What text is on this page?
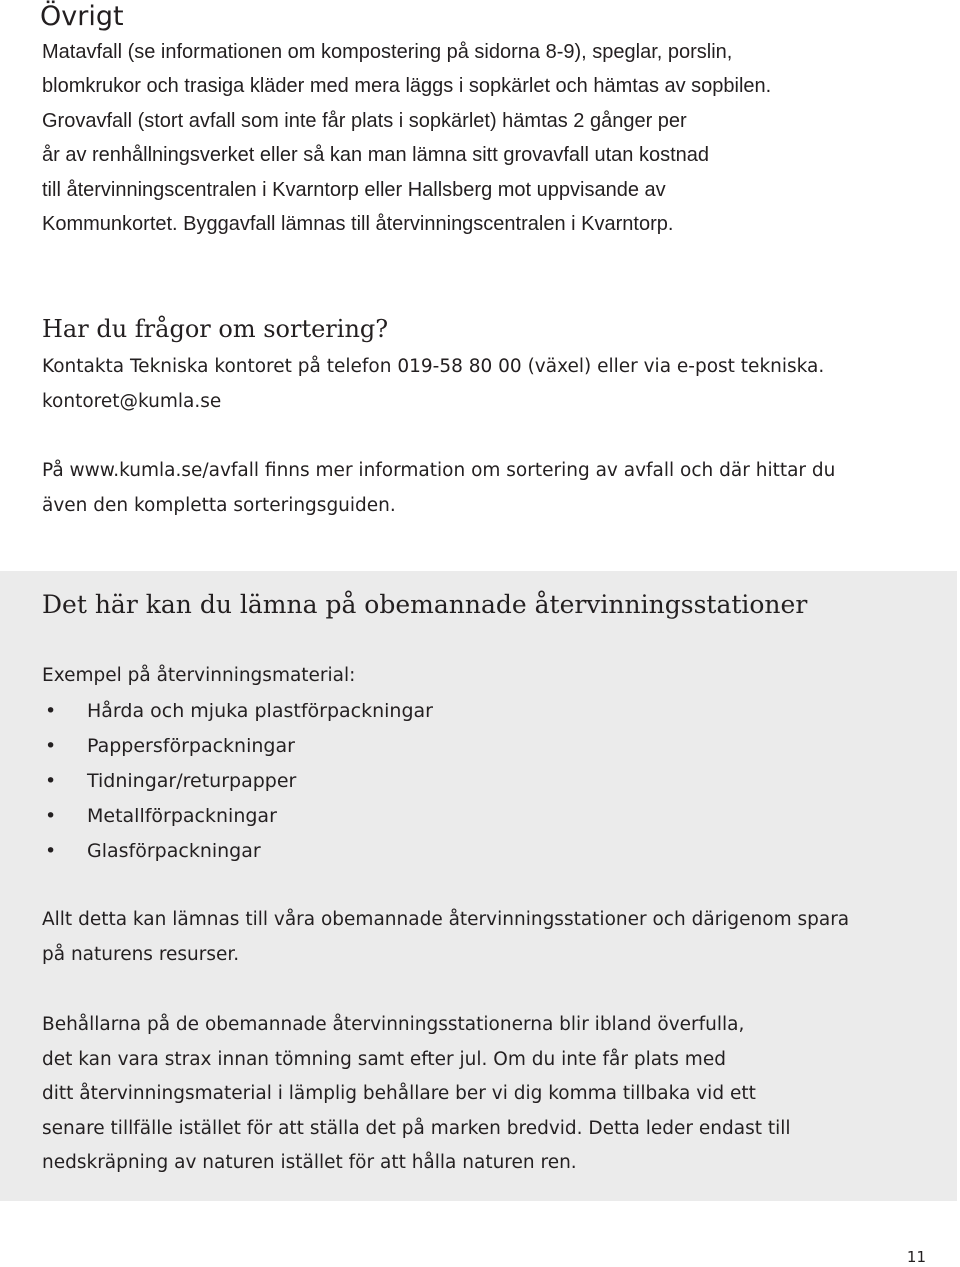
Övrigt

Matavfall (se informationen om kompostering på sidorna 8-9), speglar, porslin,
blomkrukor och trasiga kläder med mera läggs i sopkärlet och hämtas av sopbilen.
Grovavfall (stort avfall som inte får plats i sopkärlet) hämtas 2 gånger per
år av renhållningsverket eller så kan man lämna sitt grovavfall utan kostnad
till återvinningscentralen i Kvarntorp eller Hallsberg mot uppvisande av
Kommunkortet. Byggavfall lämnas till återvinningscentralen i Kvarntorp.

Har du frågor om sortering?

Kontakta Tekniska kontoret på telefon 019-58 80 00 (växel) eller via e-post tekniska.
kontoret@kumla.se

På www.kumla.se/avfall finns mer information om sortering av avfall och där hittar du
även den kompletta sorteringsguiden.

Det här kan du lämna på obemannade återvinningsstationer

Exempel på återvinningsmaterial:

• Hårda och mjuka plastförpackningar
• Pappersförpackningar
• Tidningar/returpapper
• Metallförpackningar
• Glasförpackningar

Allt detta kan lämnas till våra obemannade återvinningsstationer och därigenom spara
på naturens resurser.

Behållarna på de obemannade återvinningsstationerna blir ibland överfulla,
det kan vara strax innan tömning samt efter jul. Om du inte får plats med
ditt återvinningsmaterial i lämplig behållare ber vi dig komma tillbaka vid ett
senare tillfälle istället för att ställa det på marken bredvid. Detta leder endast till
nedskräpning av naturen istället för att hålla naturen ren.

11
